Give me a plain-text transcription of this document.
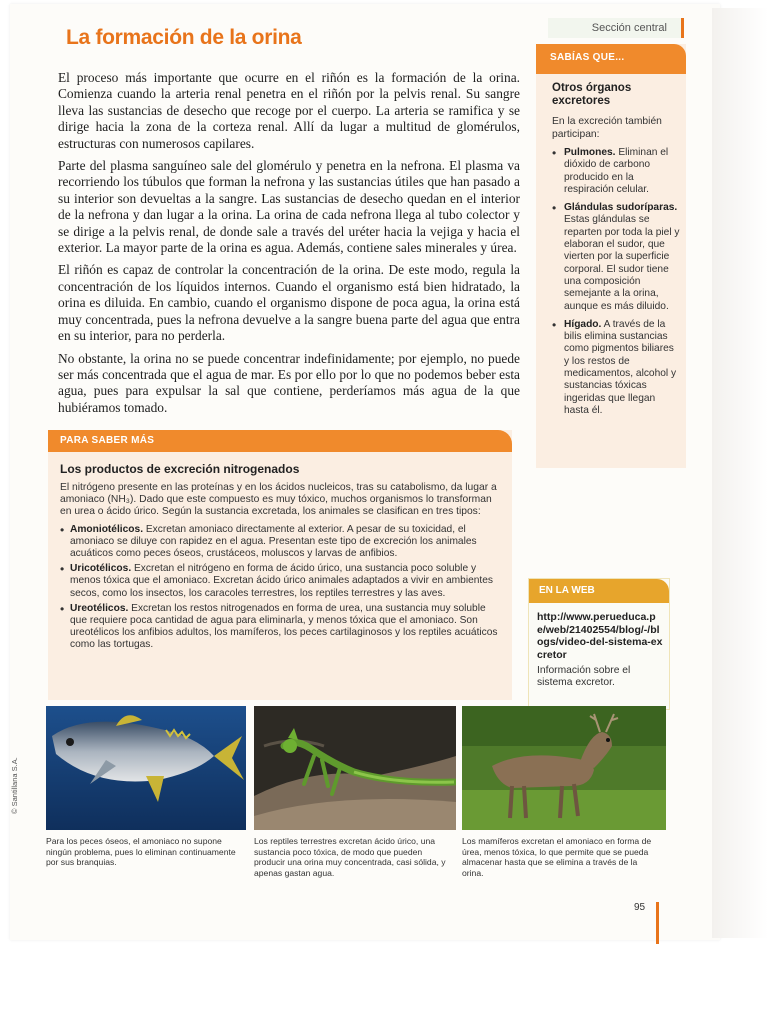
Sección central
La formación de la orina

El proceso más importante que ocurre en el riñón es la formación de la orina. Comienza cuando la arteria renal penetra en el riñón por la pelvis renal. Su sangre lleva las sustancias de desecho que recoge por el cuerpo. La arteria se ramifica y se dirige hacia la zona de la corteza renal. Allí da lugar a multitud de glomérulos, estructuras con numerosos capilares.

Parte del plasma sanguíneo sale del glomérulo y penetra en la nefrona. El plasma va recorriendo los túbulos que forman la nefrona y las sustancias útiles que han pasado a su interior son devueltas a la sangre. Las sustancias de desecho quedan en el interior de la nefrona y dan lugar a la orina. La orina de cada nefrona llega al tubo colector y se dirige a la pelvis renal, de donde sale a través del uréter hacia la vejiga y hacia el exterior. La mayor parte de la orina es agua. Además, contiene sales minerales y úrea.

El riñón es capaz de controlar la concentración de la orina. De este modo, regula la concentración de los líquidos internos. Cuando el organismo está bien hidratado, la orina es diluida. En cambio, cuando el organismo dispone de poca agua, la orina está muy concentrada, pues la nefrona devuelve a la sangre buena parte del agua que entra en su interior, para no perderla.

No obstante, la orina no se puede concentrar indefinidamente; por ejemplo, no puede ser más concentrada que el agua de mar. Es por ello por lo que no podemos beber esta agua, pues para expulsar la sal que contiene, perderíamos más agua de la que hubiéramos tomado.

SABÍAS QUE...
Otros órganos excretores
En la excreción también participan:
• Pulmones. Eliminan el dióxido de carbono producido en la respiración celular.
• Glándulas sudoríparas. Estas glándulas se reparten por toda la piel y elaboran el sudor, que vierten por la superficie corporal. El sudor tiene una composición semejante a la orina, aunque es más diluido.
• Hígado. A través de la bilis elimina sustancias como pigmentos biliares y los restos de medicamentos, alcohol y sustancias tóxicas ingeridas que llegan hasta él.
PARA SABER MÁS
Los productos de excreción nitrogenados
El nitrógeno presente en las proteínas y en los ácidos nucleicos, tras su catabolismo, da lugar a amoniaco (NH₃). Dado que este compuesto es muy tóxico, muchos organismos lo transforman en urea o ácido úrico. Según la sustancia excretada, los animales se clasifican en tres tipos:
• Amoniotélicos. Excretan amoniaco directamente al exterior. A pesar de su toxicidad, el amoniaco se diluye con rapidez en el agua. Presentan este tipo de excreción los animales acuáticos como peces óseos, crustáceos, moluscos y larvas de anfibios.
• Uricotélicos. Excretan el nitrógeno en forma de ácido úrico, una sustancia poco soluble y menos tóxica que el amoniaco. Excretan ácido úrico animales adaptados a vivir en ambientes secos, como los insectos, los caracoles terrestres, los reptiles terrestres y las aves.
• Ureotélicos. Excretan los restos nitrogenados en forma de urea, una sustancia muy soluble que requiere poca cantidad de agua para eliminarla, y menos tóxica que el amoniaco. Son ureotélicos los anfibios adultos, los mamíferos, los peces cartilaginosos y los reptiles acuáticos como las tortugas.
EN LA WEB
http://www.perueduca.pe/web/21402554/blog/-/blogs/video-del-sistema-excretor
Información sobre el sistema excretor.
Para los peces óseos, el amoniaco no supone ningún problema, pues lo eliminan continuamente por sus branquias.
Los reptiles terrestres excretan ácido úrico, una sustancia poco tóxica, de modo que pueden producir una orina muy concentrada, casi sólida, y apenas gastan agua.
Los mamíferos excretan el amoniaco en forma de úrea, menos tóxica, lo que permite que se pueda almacenar hasta que se elimina a través de la orina.
© Santillana S.A.
95
